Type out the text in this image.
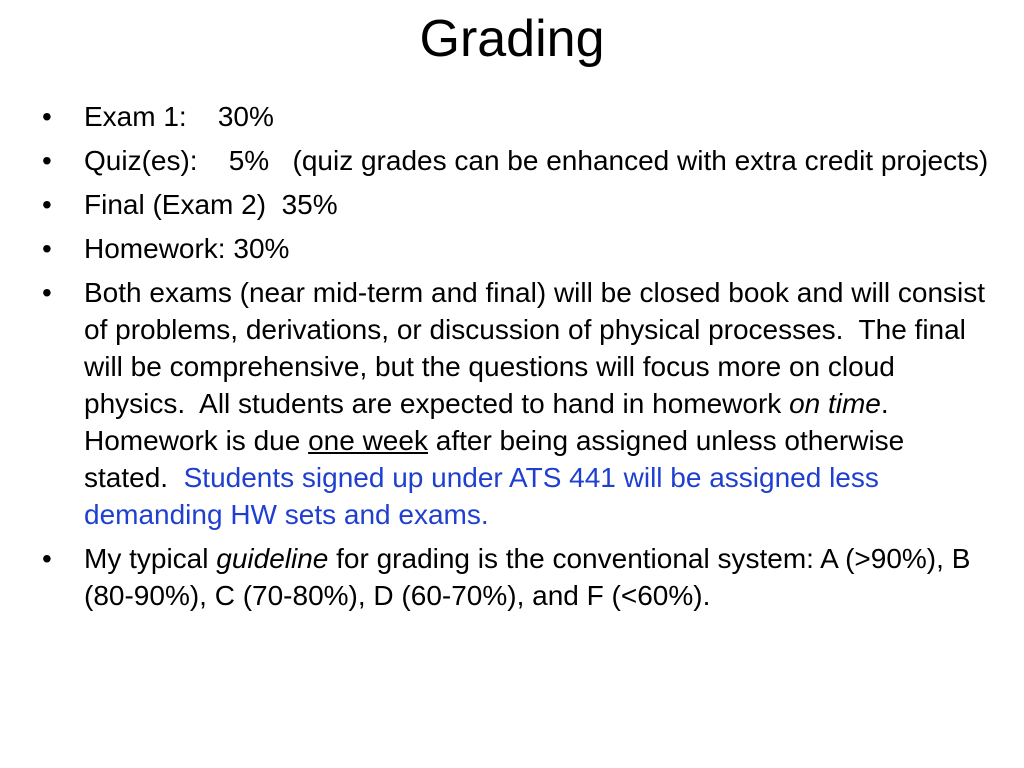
Grading
• Exam 1: 30%
• Quiz(es): 5% (quiz grades can be enhanced with extra credit projects)
• Final (Exam 2) 35%
• Homework: 30%
• Both exams (near mid-term and final) will be closed book and will consist of problems, derivations, or discussion of physical processes.  The final will be comprehensive, but the questions will focus more on cloud physics.  All students are expected to hand in homework on time.  Homework is due one week after being assigned unless otherwise stated.  Students signed up under ATS 441 will be assigned less demanding HW sets and exams.
• My typical guideline for grading is the conventional system: A (>90%), B (80-90%), C (70-80%), D (60-70%), and F (<60%).
